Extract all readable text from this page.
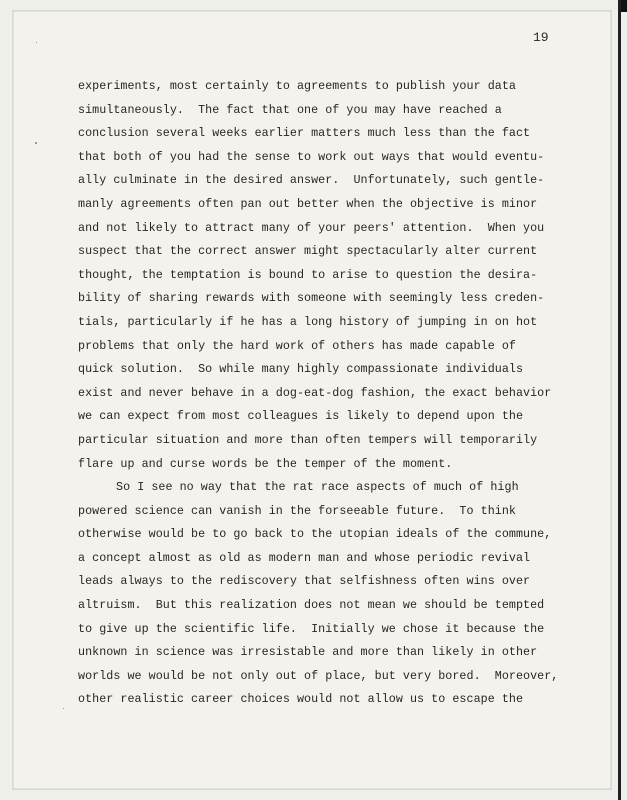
19
experiments, most certainly to agreements to publish your data
simultaneously.  The fact that one of you may have reached a
conclusion several weeks earlier matters much less than the fact
that both of you had the sense to work out ways that would eventu-
ally culminate in the desired answer.  Unfortunately, such gentle-
manly agreements often pan out better when the objective is minor
and not likely to attract many of your peers' attention.  When you
suspect that the correct answer might spectacularly alter current
thought, the temptation is bound to arise to question the desira-
bility of sharing rewards with someone with seemingly less creden-
tials, particularly if he has a long history of jumping in on hot
problems that only the hard work of others has made capable of
quick solution.  So while many highly compassionate individuals
exist and never behave in a dog-eat-dog fashion, the exact behavior
we can expect from most colleagues is likely to depend upon the
particular situation and more than often tempers will temporarily
flare up and curse words be the temper of the moment.
So I see no way that the rat race aspects of much of high
powered science can vanish in the forseeable future.  To think
otherwise would be to go back to the utopian ideals of the commune,
a concept almost as old as modern man and whose periodic revival
leads always to the rediscovery that selfishness often wins over
altruism.  But this realization does not mean we should be tempted
to give up the scientific life.  Initially we chose it because the
unknown in science was irresistable and more than likely in other
worlds we would be not only out of place, but very bored.  Moreover,
other realistic career choices would not allow us to escape the
